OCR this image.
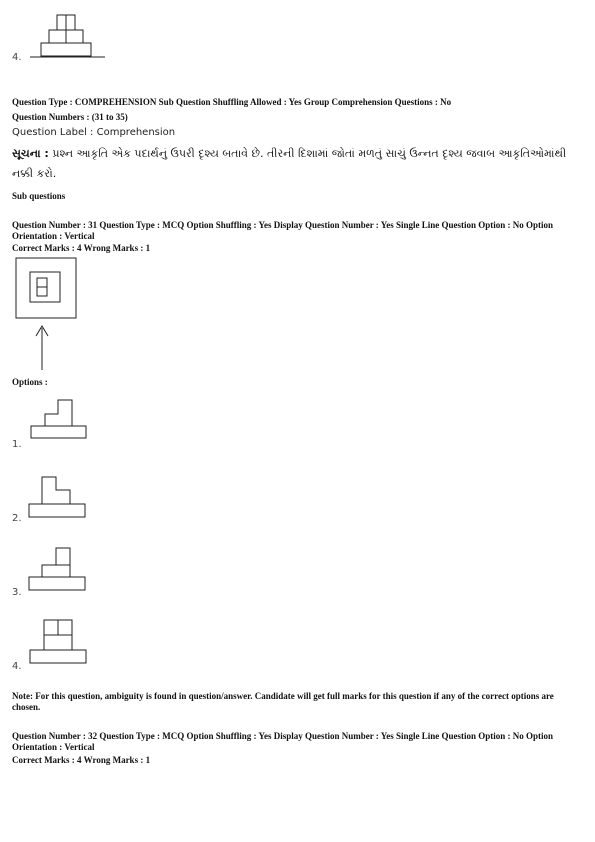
4.
Question Type : COMPREHENSION Sub Question Shuffling Allowed : Yes Group Comprehension Questions : No
Question Numbers : (31 to 35)
Question Label : Comprehension
સૂચના : પ્રશ્ન આકૃતિ એક પદાર્થનું ઉપરી દૃશ્ય બતાવે છે. તીરની દિશામાં જોતાં મળતું સાચું ઉન્નત દૃશ્ય જવાબ આકૃતિઓમાંથી નક્કી કરો.
Sub questions
Question Number : 31 Question Type : MCQ Option Shuffling : Yes Display Question Number : Yes Single Line Question Option : No Option Orientation : Vertical
Correct Marks : 4 Wrong Marks : 1
Options :
1.
2.
3.
4.
Note: For this question, ambiguity is found in question/answer. Candidate will get full marks for this question if any of the correct options are chosen.
Question Number : 32 Question Type : MCQ Option Shuffling : Yes Display Question Number : Yes Single Line Question Option : No Option Orientation : Vertical
Correct Marks : 4 Wrong Marks : 1
